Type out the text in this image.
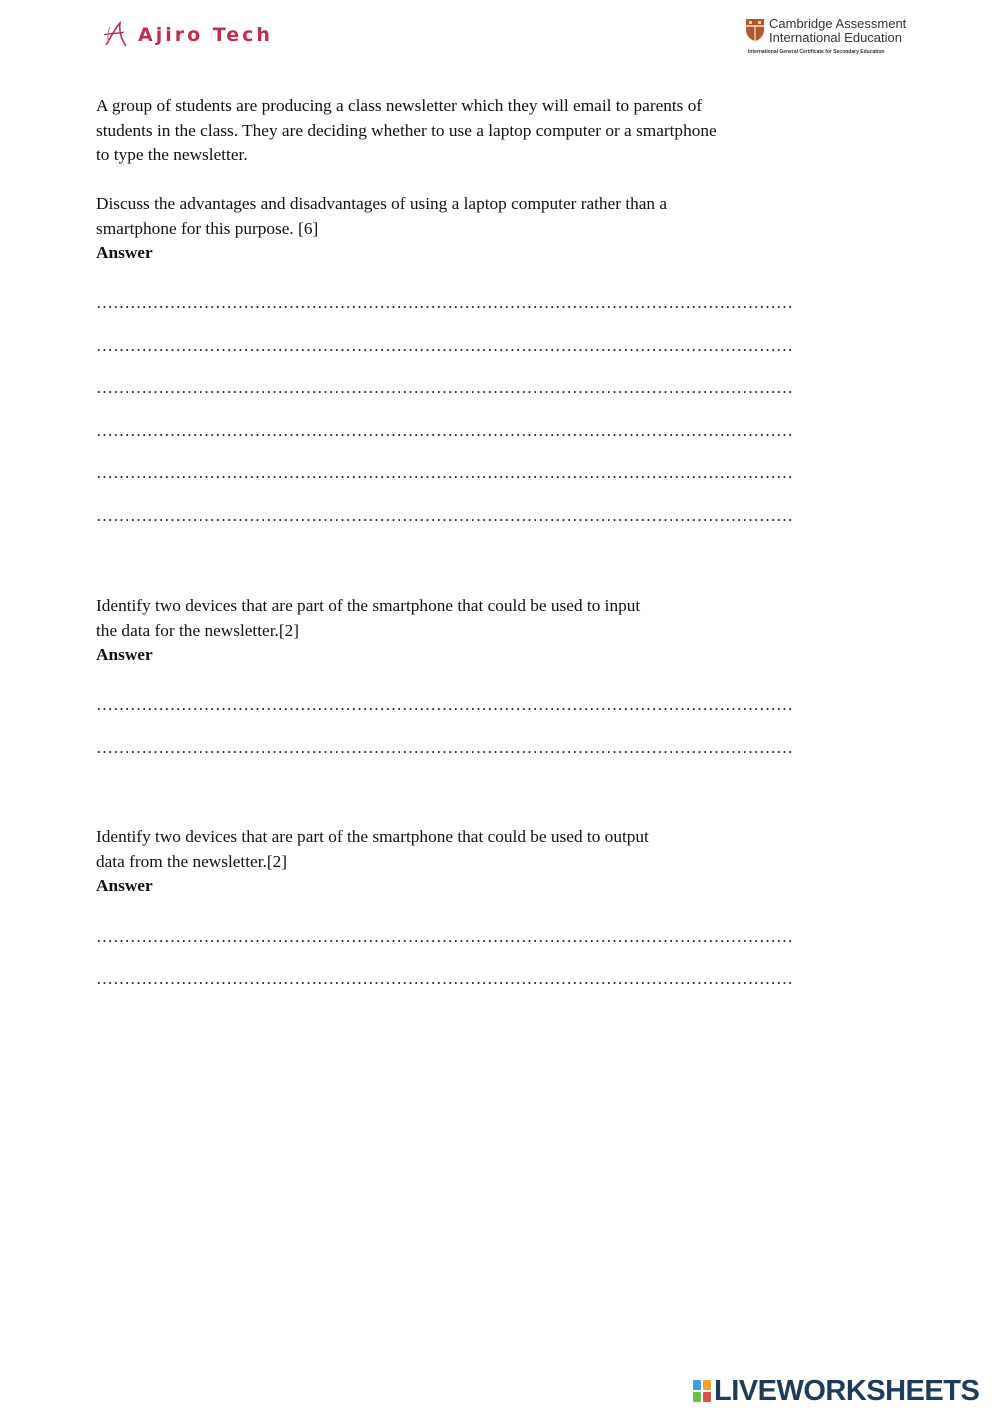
Ajiro Tech
Cambridge Assessment
International Education
International General Certificate for Secondary Education

A group of students are producing a class newsletter which they will email to parents of

students in the class. They are deciding whether to use a laptop computer or a smartphone

to type the newsletter.

Discuss the advantages and disadvantages of using a laptop computer rather than a

smartphone for this purpose. [6]

Answer

……………………………………………………………………………………………………………
……………………………………………………………………………………………………………
……………………………………………………………………………………………………………
……………………………………………………………………………………………………………
……………………………………………………………………………………………………………
……………………………………………………………………………………………………………

Identify two devices that are part of the smartphone that could be used to input

the data for the newsletter.[2]

Answer

……………………………………………………………………………………………………………
……………………………………………………………………………………………………………

Identify two devices that are part of the smartphone that could be used to output

data from the newsletter.[2]

Answer

……………………………………………………………………………………………………………
……………………………………………………………………………………………………………
LIVEWORKSHEETS
